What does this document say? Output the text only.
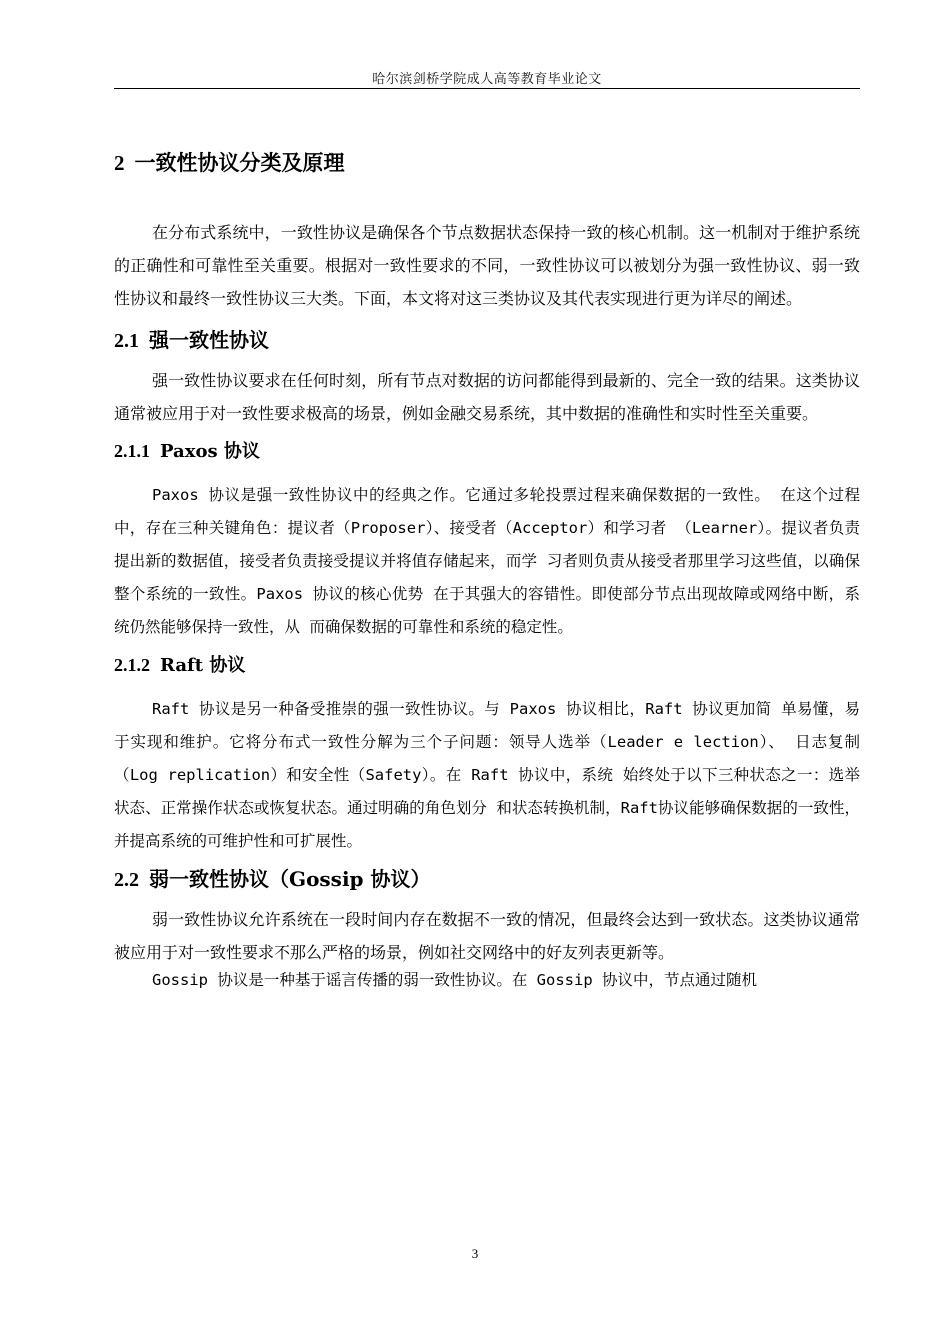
哈尔滨剑桥学院成人高等教育毕业论文
2 一致性协议分类及原理

在分布式系统中，一致性协议是确保各个节点数据状态保持一致的核心机制。这一机制对于维护系统的正确性和可靠性至关重要。根据对一致性要求的不同，一致性协议可以被划分为强一致性协议、弱一致性协议和最终一致性协议三大类。下面，本文将对这三类协议及其代表实现进行更为详尽的阐述。

2.1 强一致性协议

强一致性协议要求在任何时刻，所有节点对数据的访问都能得到最新的、完全一致的结果。这类协议通常被应用于对一致性要求极高的场景，例如金融交易系统，其中数据的准确性和实时性至关重要。

2.1.1 Paxos 协议

Paxos 协议是强一致性协议中的经典之作。它通过多轮投票过程来确保数据的一致性。 在这个过程中，存在三种关键角色：提议者（Proposer）、接受者（Acceptor）和学习者 （Learner）。提议者负责提出新的数据值，接受者负责接受提议并将值存储起来，而学 习者则负责从接受者那里学习这些值，以确保整个系统的一致性。Paxos 协议的核心优势 在于其强大的容错性。即使部分节点出现故障或网络中断，系统仍然能够保持一致性，从 而确保数据的可靠性和系统的稳定性。

2.1.2 Raft 协议

Raft 协议是另一种备受推崇的强一致性协议。与 Paxos 协议相比，Raft 协议更加简 单易懂，易于实现和维护。它将分布式一致性分解为三个子问题：领导人选举（Leader e lection）、 日志复制（Log replication）和安全性（Safety）。在 Raft 协议中，系统 始终处于以下三种状态之一：选举状态、正常操作状态或恢复状态。通过明确的角色划分 和状态转换机制，Raft协议能够确保数据的一致性，并提高系统的可维护性和可扩展性。

2.2 弱一致性协议（Gossip 协议）

弱一致性协议允许系统在一段时间内存在数据不一致的情况，但最终会达到一致状态。这类协议通常被应用于对一致性要求不那么严格的场景，例如社交网络中的好友列表更新等。

Gossip 协议是一种基于谣言传播的弱一致性协议。在 Gossip 协议中，节点通过随机

3
